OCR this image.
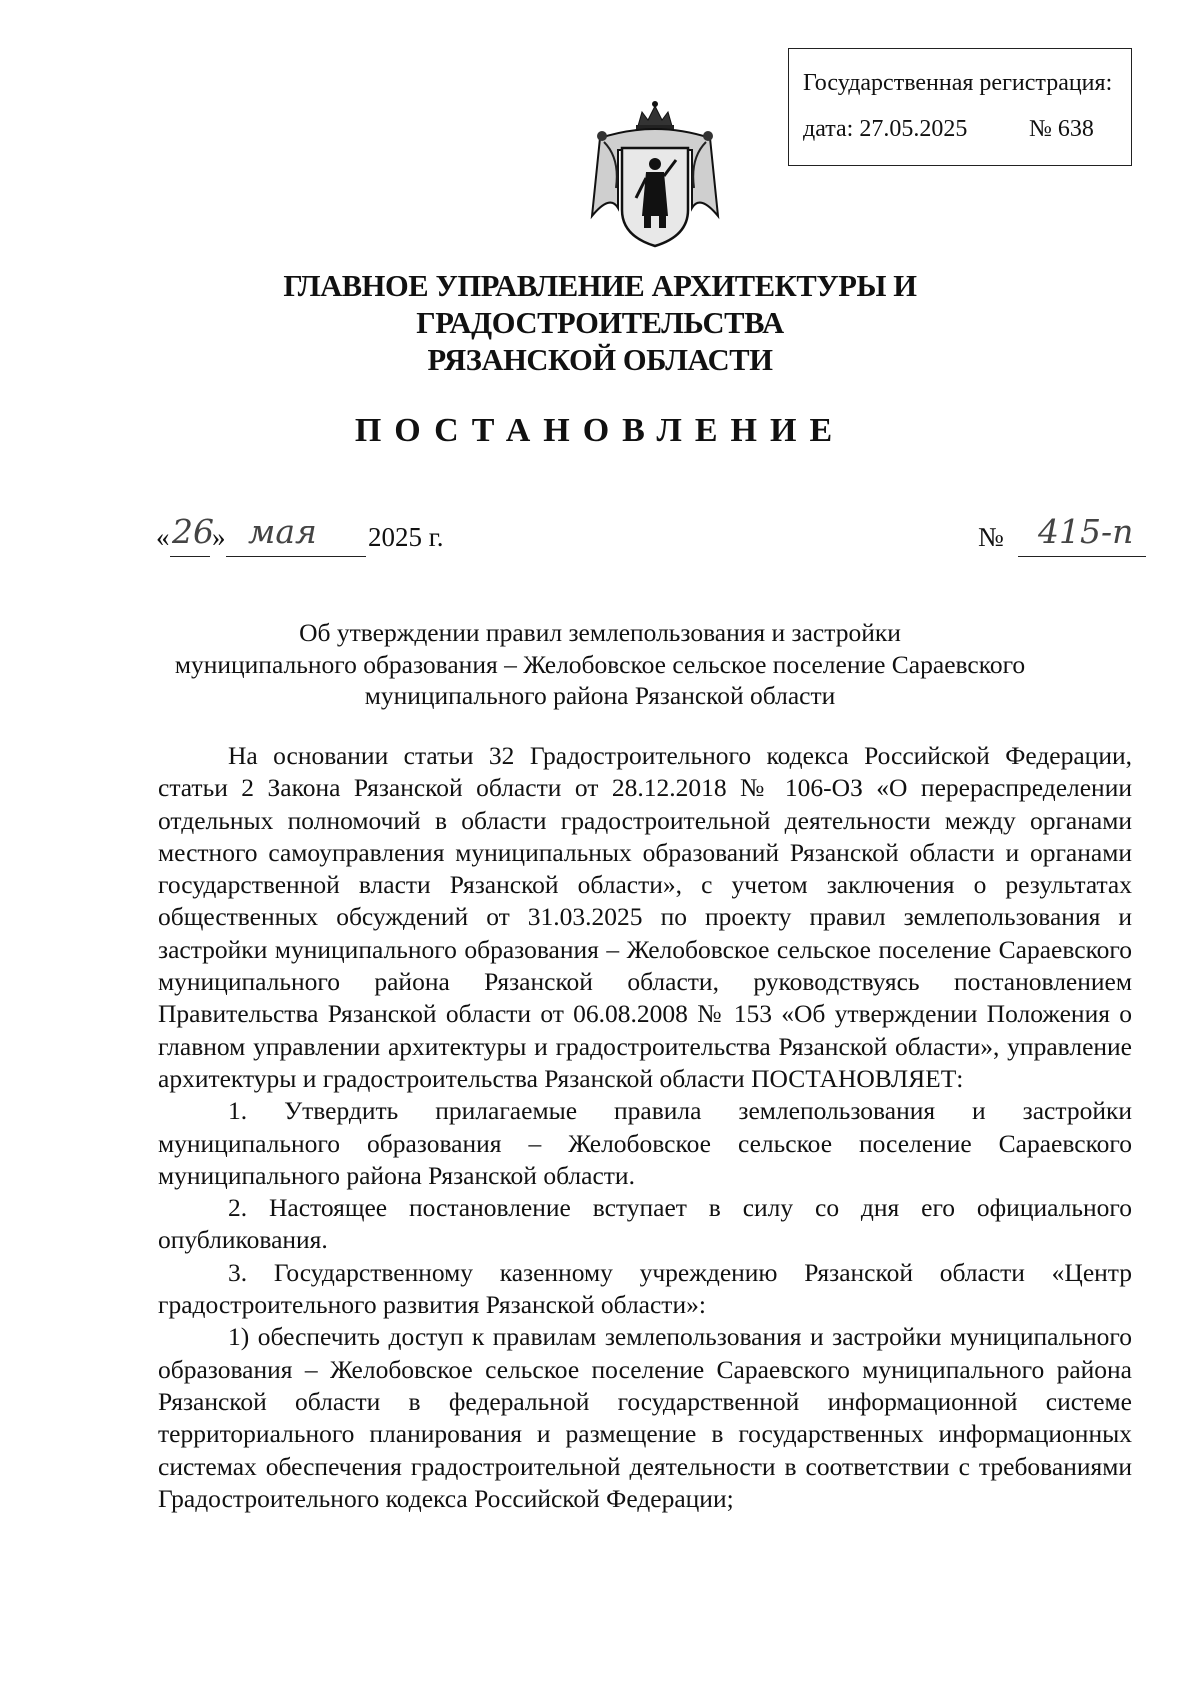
Государственная регистрация:
дата: 27.05.2025	№ 638
ГЛАВНОЕ УПРАВЛЕНИЕ АРХИТЕКТУРЫ И ГРАДОСТРОИТЕЛЬСТВА
РЯЗАНСКОЙ ОБЛАСТИ
ПОСТАНОВЛЕНИЕ
« 26
» мая 2025 г.	№ 415-п
Об утверждении правил землепользования и застройки
муниципального образования – Желобовское сельское поселение Сараевского
муниципального района Рязанской области

На основании статьи 32 Градостроительного кодекса Российской Федерации, статьи 2 Закона Рязанской области от 28.12.2018 № 106-ОЗ «О перераспределении отдельных полномочий в области градостроительной деятельности между органами местного самоуправления муниципальных образований Рязанской области и органами государственной власти Рязанской области», с учетом заключения о результатах общественных обсуждений от 31.03.2025 по проекту правил землепользования и застройки муниципального образования – Желобовское сельское поселение Сараевского муниципального района Рязанской области, руководствуясь постановлением Правительства Рязанской области от 06.08.2008 № 153 «Об утверждении Положения о главном управлении архитектуры и градостроительства Рязанской области», управление архитектуры и градостроительства Рязанской области ПОСТАНОВЛЯЕТ:

1. Утвердить прилагаемые правила землепользования и застройки муниципального образования – Желобовское сельское поселение Сараевского муниципального района Рязанской области.

2. Настоящее постановление вступает в силу со дня его официального опубликования.

3. Государственному казенному учреждению Рязанской области «Центр градостроительного развития Рязанской области»:

1) обеспечить доступ к правилам землепользования и застройки муниципального образования – Желобовское сельское поселение Сараевского муниципального района Рязанской области в федеральной государственной информационной системе территориального планирования и размещение в государственных информационных системах обеспечения градостроительной деятельности в соответствии с требованиями Градостроительного кодекса Российской Федерации;
